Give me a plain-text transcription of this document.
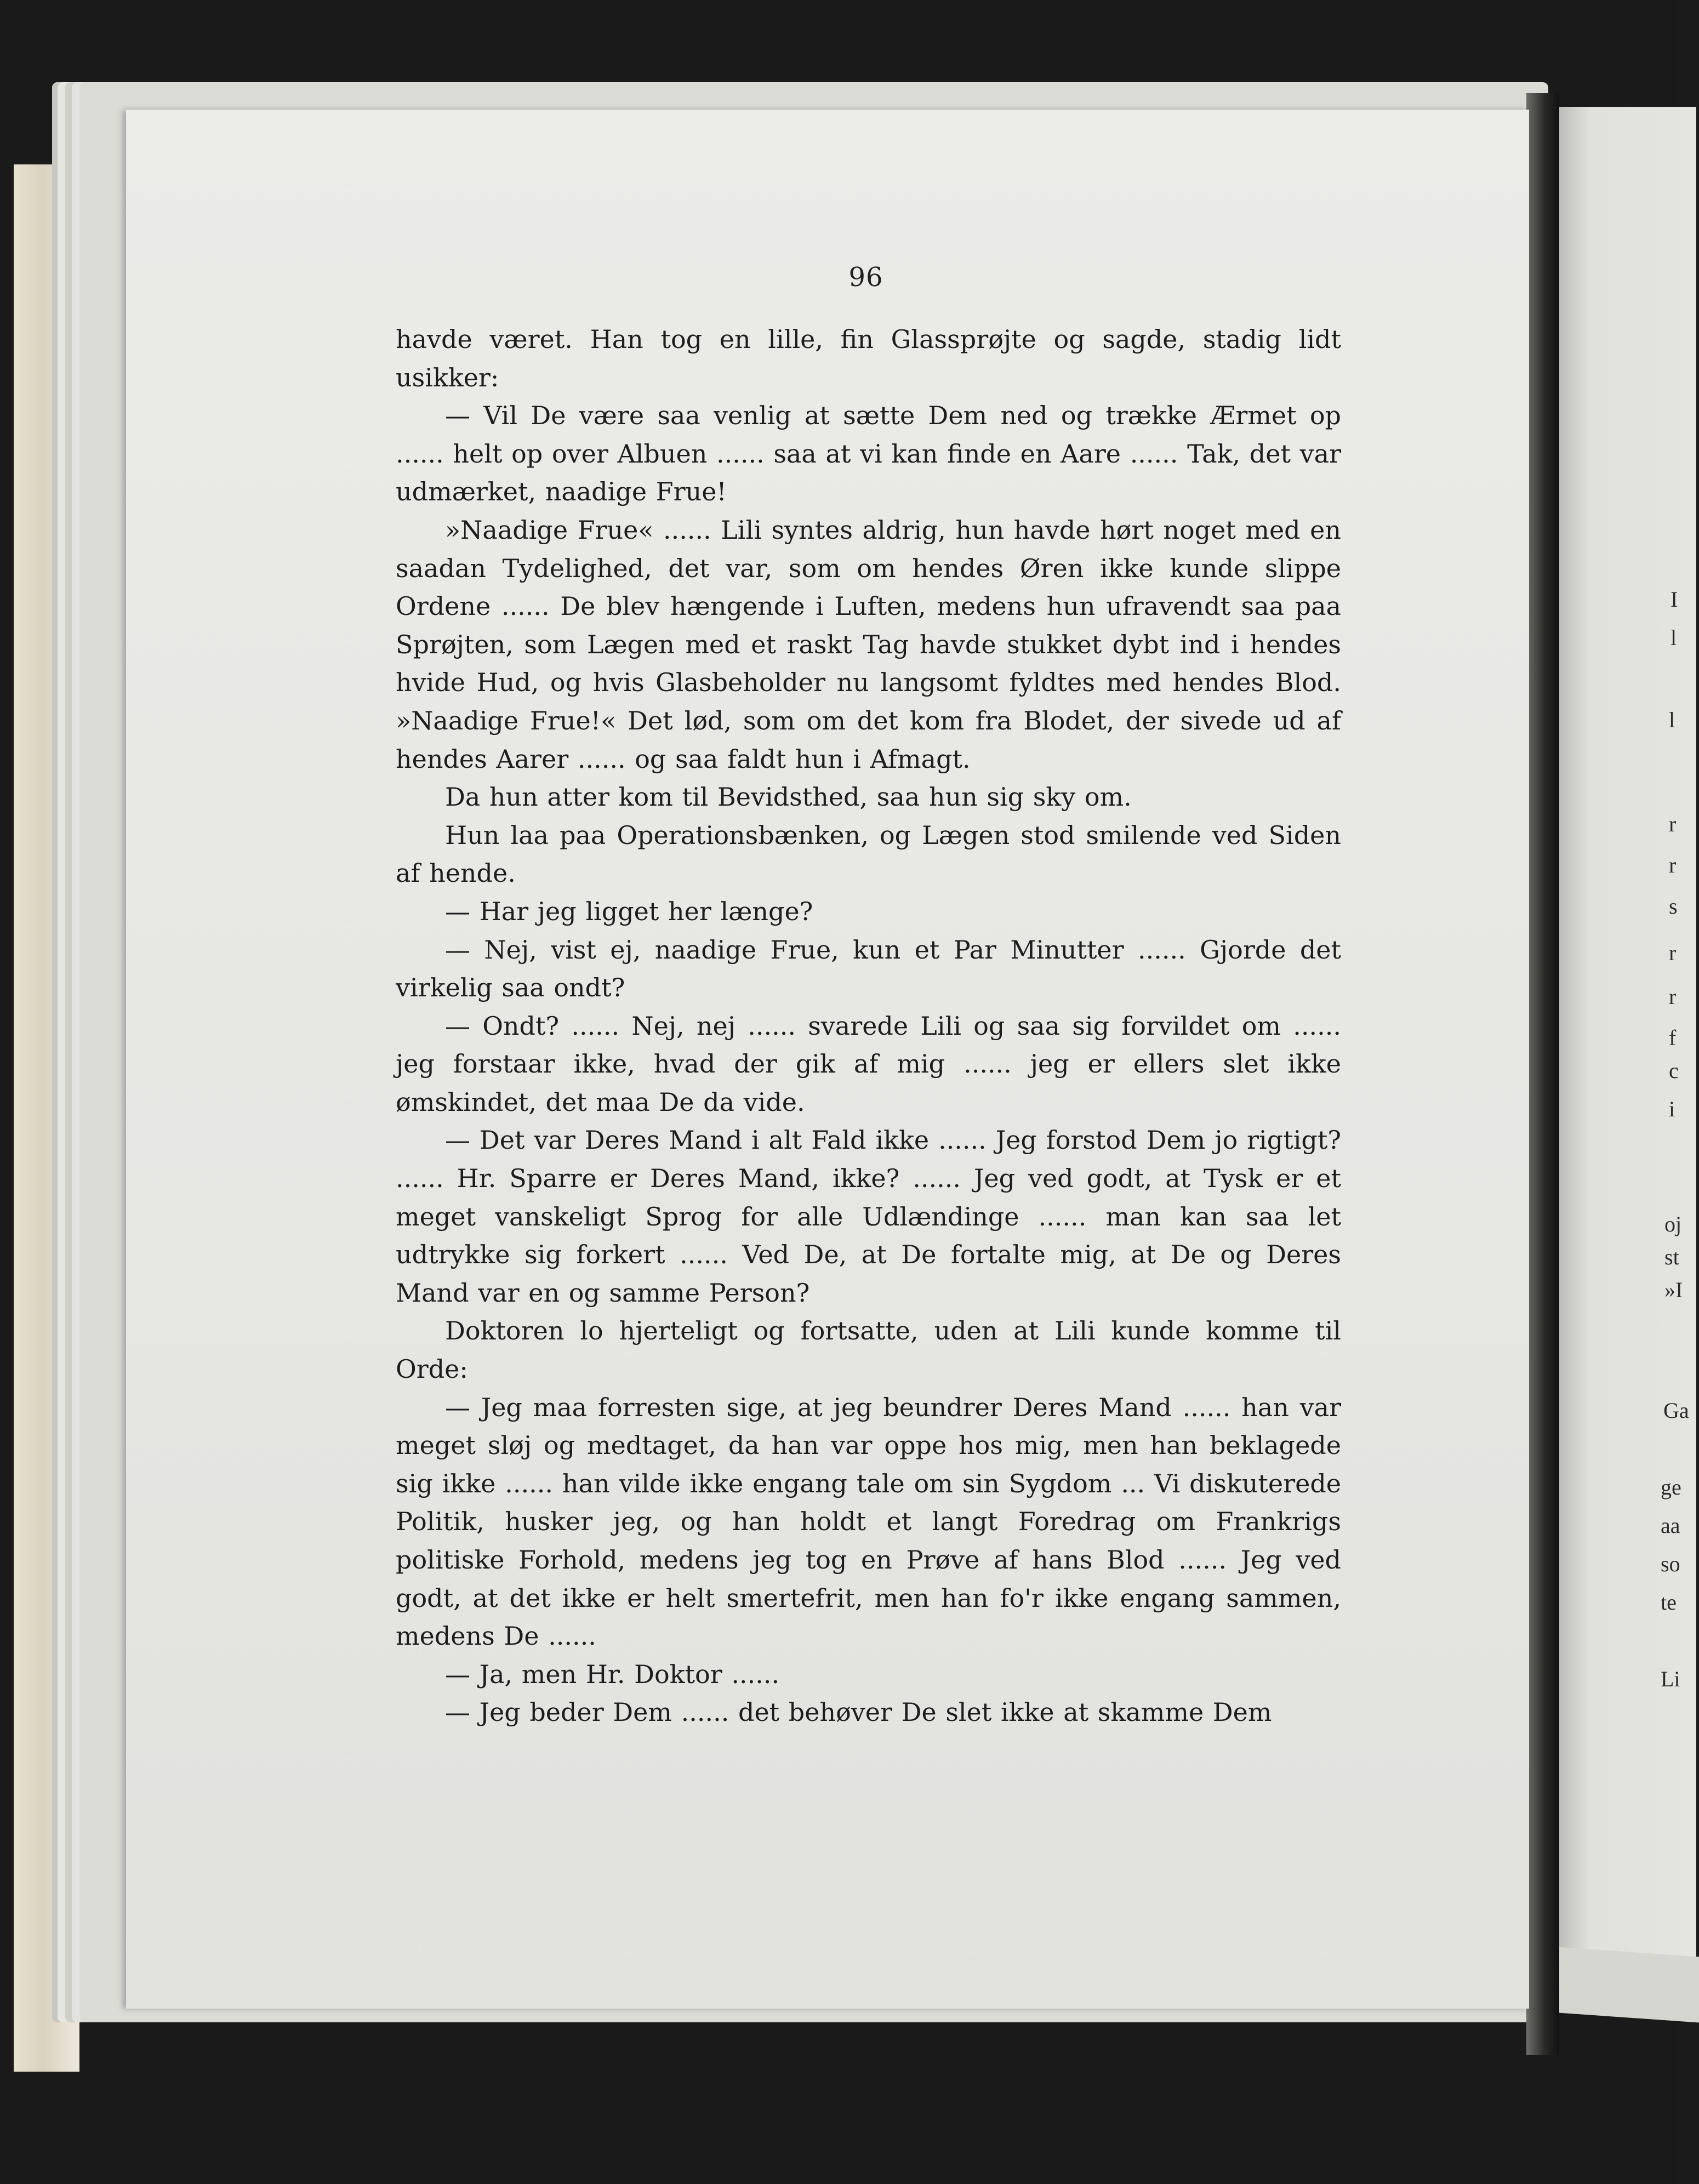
96

havde været. Han tog en lille, fin Glassprøjte og sagde, stadig lidt usikker:

— Vil De være saa venlig at sætte Dem ned og trække Ærmet op ...... helt op over Albuen ...... saa at vi kan finde en Aare ...... Tak, det var udmærket, naadige Frue!

»Naadige Frue« ...... Lili syntes aldrig, hun havde hørt noget med en saadan Tydelighed, det var, som om hendes Øren ikke kunde slippe Ordene ...... De blev hængende i Luften, medens hun ufravendt saa paa Sprøjten, som Lægen med et raskt Tag havde stukket dybt ind i hendes hvide Hud, og hvis Glasbeholder nu langsomt fyldtes med hendes Blod. »Naadige Frue!« Det lød, som om det kom fra Blodet, der sivede ud af hendes Aarer ...... og saa faldt hun i Afmagt.

Da hun atter kom til Bevidsthed, saa hun sig sky om.

Hun laa paa Operationsbænken, og Lægen stod smilende ved Siden af hende.

— Har jeg ligget her længe?

— Nej, vist ej, naadige Frue, kun et Par Minutter ...... Gjorde det virkelig saa ondt?

— Ondt? ...... Nej, nej ...... svarede Lili og saa sig forvildet om ...... jeg forstaar ikke, hvad der gik af mig ...... jeg er ellers slet ikke ømskindet, det maa De da vide.

— Det var Deres Mand i alt Fald ikke ...... Jeg forstod Dem jo rigtigt? ...... Hr. Sparre er Deres Mand, ikke? ...... Jeg ved godt, at Tysk er et meget vanskeligt Sprog for alle Udlændinge ...... man kan saa let udtrykke sig forkert ...... Ved De, at De fortalte mig, at De og Deres Mand var en og samme Person?

Doktoren lo hjerteligt og fortsatte, uden at Lili kunde komme til Orde:

— Jeg maa forresten sige, at jeg beundrer Deres Mand ...... han var meget sløj og medtaget, da han var oppe hos mig, men han beklagede sig ikke ...... han vilde ikke engang tale om sin Sygdom ... Vi diskuterede Politik, husker jeg, og han holdt et langt Foredrag om Frankrigs politiske Forhold, medens jeg tog en Prøve af hans Blod ...... Jeg ved godt, at det ikke er helt smertefrit, men han fo'r ikke engang sammen, medens De ......

— Ja, men Hr. Doktor ......

— Jeg beder Dem ...... det behøver De slet ikke at skamme Dem

l
I
r
r
r
s
r
f
c
i
oj
st
»I
Ga
ge
aa
so
te
Li
l
